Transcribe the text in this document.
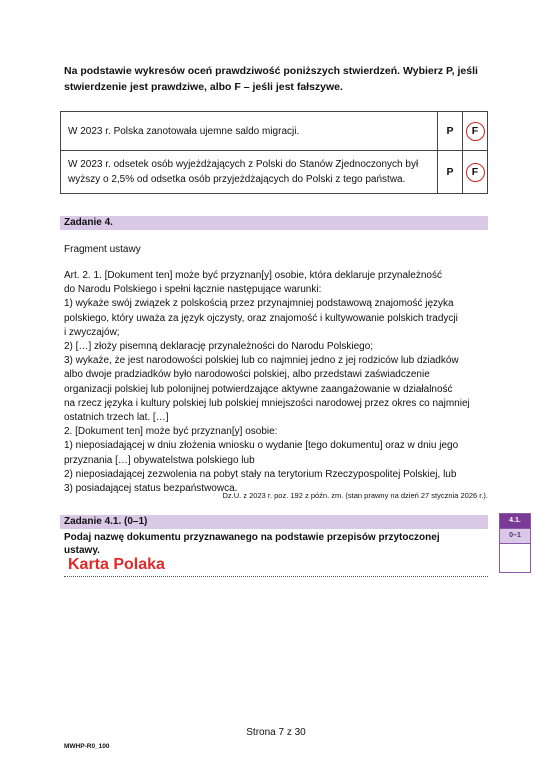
Na podstawie wykresów oceń prawdziwość poniższych stwierdzeń. Wybierz P, jeśli stwierdzenie jest prawdziwe, albo F – jeśli jest fałszywe.
W 2023 r. Polska zanotowała ujemne saldo migracji.	P	F
W 2023 r. odsetek osób wyjeżdżających z Polski do Stanów Zjednoczonych był wyższy o 2,5% od odsetka osób przyjeżdżających do Polski z tego państwa.	P	F
Zadanie 4.
Fragment ustawy
Art. 2. 1. [Dokument ten] może być przyznan[y] osobie, która deklaruje przynależność
do Narodu Polskiego i spełni łącznie następujące warunki:
1) wykaże swój związek z polskością przez przynajmniej podstawową znajomość języka
polskiego, który uważa za język ojczysty, oraz znajomość i kultywowanie polskich tradycji
i zwyczajów;
2) […] złoży pisemną deklarację przynależności do Narodu Polskiego;
3) wykaże, że jest narodowości polskiej lub co najmniej jedno z jej rodziców lub dziadków
albo dwoje pradziadków było narodowości polskiej, albo przedstawi zaświadczenie
organizacji polskiej lub polonijnej potwierdzające aktywne zaangażowanie w działalność
na rzecz języka i kultury polskiej lub polskiej mniejszości narodowej przez okres co najmniej
ostatnich trzech lat. […]
2. [Dokument ten] może być przyznan[y] osobie:
1) nieposiadającej w dniu złożenia wniosku o wydanie [tego dokumentu] oraz w dniu jego
przyznania […] obywatelstwa polskiego lub
2) nieposiadającej zezwolenia na pobyt stały na terytorium Rzeczypospolitej Polskiej, lub
3) posiadającej status bezpaństwowca.
Dz.U. z 2023 r. poz. 192 z późn. zm. (stan prawny na dzień 27 stycznia 2026 r.).
Zadanie 4.1. (0–1)
Podaj nazwę dokumentu przyznawanego na podstawie przepisów przytoczonej ustawy.
Karta Polaka
4.1.
0–1
Strona 7 z 30
MWHP-R0_100
